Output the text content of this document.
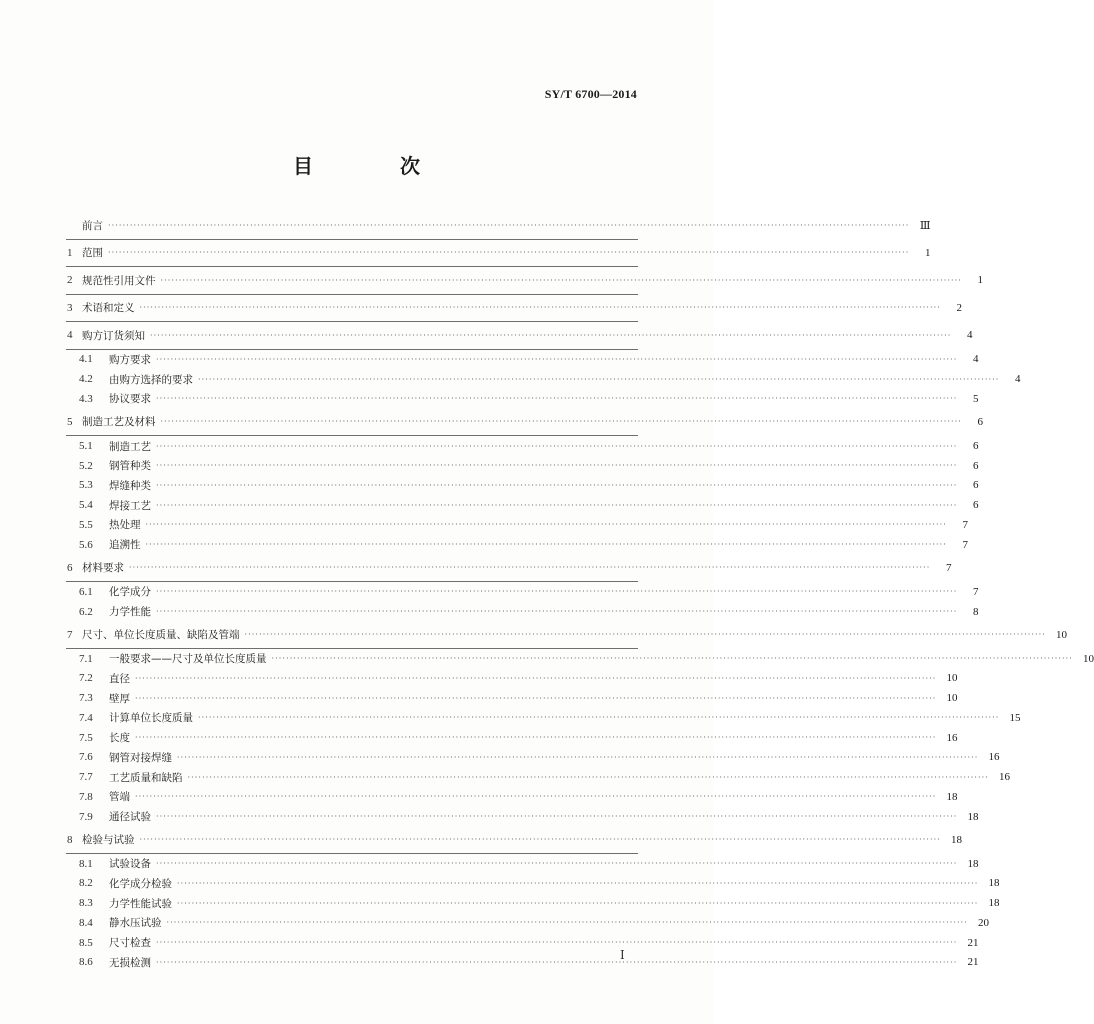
SY/T 6700—2014
目 次
前言 ···························································································································································································································· Ⅲ
1 范围 ····························································································································································································································	1
2 规范性引用文件 ····························································································································································································································	1
3 术语和定义 ····························································································································································································································	2
4 购方订货须知 ····························································································································································································································	4
4.1	购方要求 ····························································································································································································································	4
4.2	由购方选择的要求 ····························································································································································································································	4
4.3	协议要求 ····························································································································································································································	5
5 制造工艺及材料 ····························································································································································································································	6
5.1	制造工艺 ····························································································································································································································	6
5.2	钢管种类 ····························································································································································································································	6
5.3	焊缝种类 ····························································································································································································································	6
5.4	焊接工艺 ····························································································································································································································	6
5.5	热处理 ····························································································································································································································	7
5.6	追溯性 ····························································································································································································································	7
6 材料要求 ····························································································································································································································	7
6.1	化学成分 ····························································································································································································································	7
6.2	力学性能 ····························································································································································································································	8
7 尺寸、单位长度质量、缺陷及管端 ···························································································································································································································· 10
7.1	一般要求——尺寸及单位长度质量 ···························································································································································································································· 10
7.2	直径 ···························································································································································································································· 10
7.3	壁厚 ···························································································································································································································· 10
7.4	计算单位长度质量 ···························································································································································································································· 15
7.5	长度 ···························································································································································································································· 16
7.6	钢管对接焊缝 ···························································································································································································································· 16
7.7	工艺质量和缺陷 ···························································································································································································································· 16
7.8	管端 ···························································································································································································································· 18
7.9	通径试验 ···························································································································································································································· 18
8 检验与试验 ···························································································································································································································· 18
8.1	试验设备 ···························································································································································································································· 18
8.2	化学成分检验 ···························································································································································································································· 18
8.3	力学性能试验 ···························································································································································································································· 18
8.4	静水压试验 ···························································································································································································································· 20
8.5	尺寸检查 ···························································································································································································································· 21
8.6	无损检测 ···························································································································································································································· 21
Ⅰ
